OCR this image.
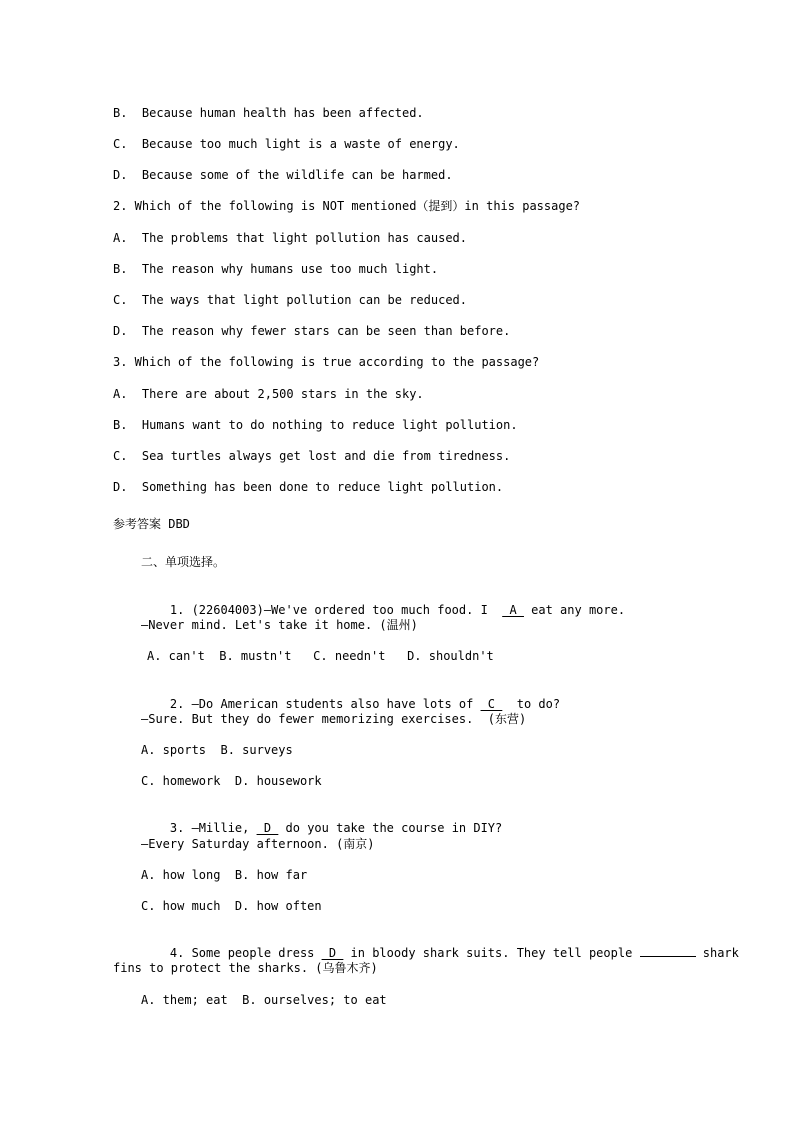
B.  Because human health has been affected.
C.  Because too much light is a waste of energy.
D.  Because some of the wildlife can be harmed.
2. Which of the following is NOT mentioned（提到）in this passage?
A.  The problems that light pollution has caused.
B.  The reason why humans use too much light.
C.  The ways that light pollution can be reduced.
D.  The reason why fewer stars can be seen than before.
3. Which of the following is true according to the passage?
A.  There are about 2,500 stars in the sky.
B.  Humans want to do nothing to reduce light pollution.
C.  Sea turtles always get lost and die from tiredness.
D.  Something has been done to reduce light pollution.
参考答案 DBD
二、单项选择。

1. (22604003)—We've ordered too much food. I  _A_ eat any more.

—Never mind. Let's take it home. (温州)
A. can't  B. mustn't   C. needn't   D. shouldn't

2. —Do American students also have lots of _C_  to do?

—Sure. But they do fewer memorizing exercises.  (东营)
A. sports  B. surveys
C. homework  D. housework

3. —Millie, _D_ do you take the course in DIY?

—Every Saturday afternoon. (南京)
A. how long  B. how far
C. how much  D. how often

4. Some people dress _D_ in bloody shark suits. They tell people	shark

fins to protect the sharks. (乌鲁木齐)
A. them; eat  B. ourselves; to eat
